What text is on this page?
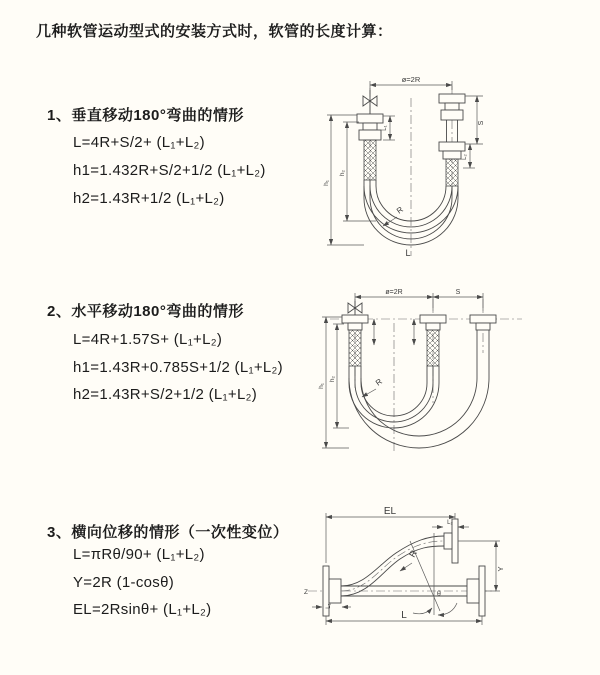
几种软管运动型式的安装方式时，软管的长度计算：
1、垂直移动180°弯曲的情形
L=4R+S/2+ (L₁+L₂)
h1=1.432R+S/2+1/2 (L₁+L₂)
h2=1.43R+1/2 (L₁+L₂)
2、水平移动180°弯曲的情形
L=4R+1.57S+ (L₁+L₂)
h1=1.43R+0.785S+1/2 (L₁+L₂)
h2=1.43R+S/2+1/2 (L₁+L₂)
3、横向位移的情形（一次性变位）
L=πRθ/90+ (L₁+L₂)
Y=2R (1-cosθ)
EL=2Rsinθ+ (L₁+L₂)
ø=2R
S
L₂
L₁
R
h₁
h₂
L
ø=2R	S
R
h₁
h₂
Z
EL
L₂
Y
θ
R
L₁
L
